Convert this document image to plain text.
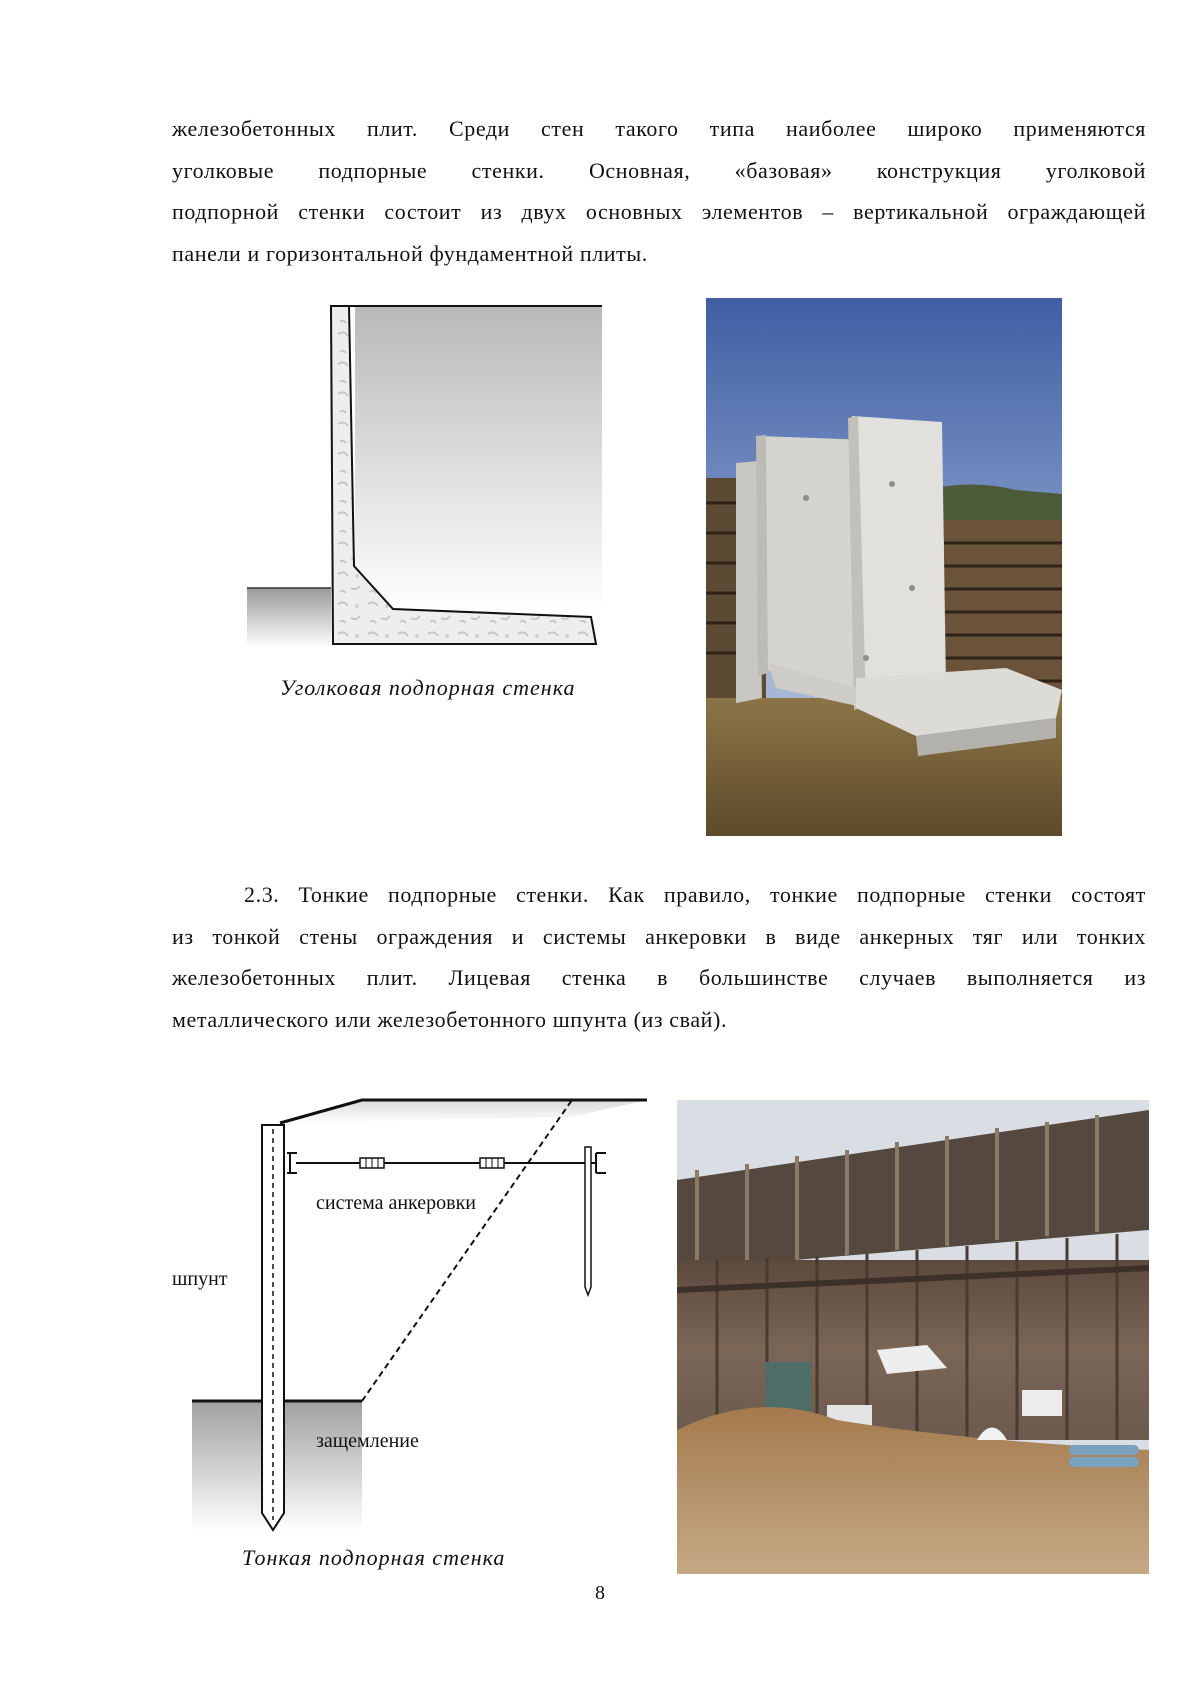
железобетонных плит. Среди стен такого типа наиболее широко применяются
уголковые подпорные стенки. Основная, «базовая» конструкция уголковой
подпорной стенки состоит из двух основных элементов – вертикальной ограждающей
панели и горизонтальной фундаментной плиты.
Уголковая подпорная стенка
2.3. Тонкие подпорные стенки. Как правило, тонкие подпорные стенки состоят
из тонкой стены ограждения и системы анкеровки в виде анкерных тяг или тонких
железобетонных плит. Лицевая стенка в большинстве случаев выполняется из
металлического или железобетонного шпунта (из свай).
система анкеровки
шпунт
защемление
Тонкая подпорная стенка
8
